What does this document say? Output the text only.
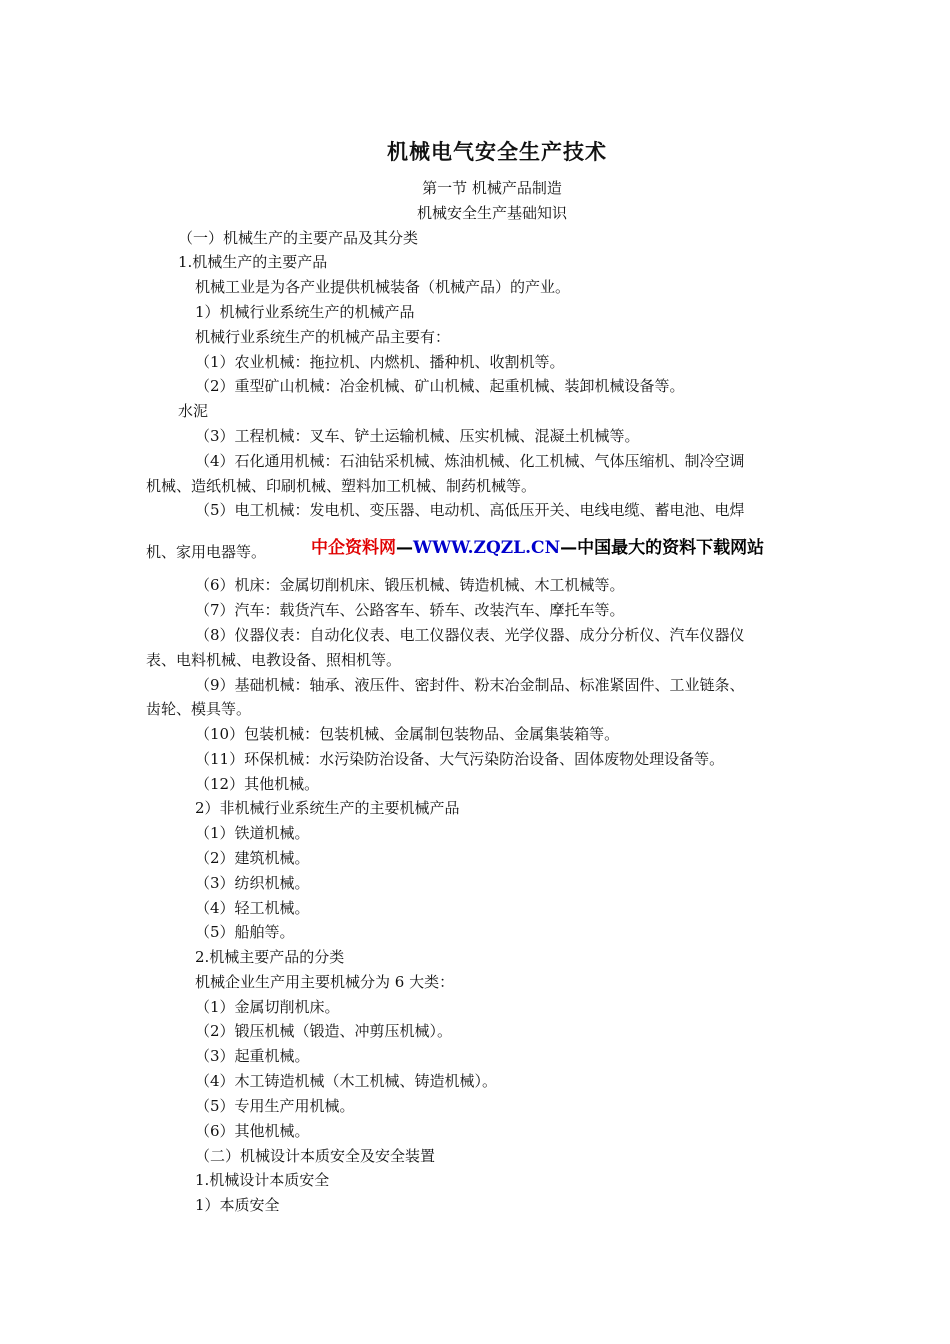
机械电气安全生产技术
第一节 机械产品制造
机械安全生产基础知识
（一）机械生产的主要产品及其分类
1.机械生产的主要产品
机械工业是为各产业提供机械装备（机械产品）的产业。
1）机械行业系统生产的机械产品
机械行业系统生产的机械产品主要有：
（1）农业机械：拖拉机、内燃机、播种机、收割机等。
（2）重型矿山机械：冶金机械、矿山机械、起重机械、装卸机械设备等。
水泥
（3）工程机械：叉车、铲土运输机械、压实机械、混凝土机械等。
（4）石化通用机械：石油钻采机械、炼油机械、化工机械、气体压缩机、制冷空调
机械、造纸机械、印刷机械、塑料加工机械、制药机械等。
（5）电工机械：发电机、变压器、电动机、高低压开关、电线电缆、蓄电池、电焊
机、家用电器等。	中企资料网—WWW.ZQZL.CN—中国最大的资料下载网站
（6）机床：金属切削机床、锻压机械、铸造机械、木工机械等。
（7）汽车：载货汽车、公路客车、轿车、改装汽车、摩托车等。
（8）仪器仪表：自动化仪表、电工仪器仪表、光学仪器、成分分析仪、汽车仪器仪
表、电料机械、电教设备、照相机等。
（9）基础机械：轴承、液压件、密封件、粉末冶金制品、标准紧固件、工业链条、
齿轮、模具等。
（10）包装机械：包装机械、金属制包装物品、金属集装箱等。
（11）环保机械：水污染防治设备、大气污染防治设备、固体废物处理设备等。
（12）其他机械。
2）非机械行业系统生产的主要机械产品
（1）铁道机械。
（2）建筑机械。
（3）纺织机械。
（4）轻工机械。
（5）船舶等。
2.机械主要产品的分类
机械企业生产用主要机械分为 6 大类：
（1）金属切削机床。
（2）锻压机械（锻造、冲剪压机械）。
（3）起重机械。
（4）木工铸造机械（木工机械、铸造机械）。
（5）专用生产用机械。
（6）其他机械。
（二）机械设计本质安全及安全装置
1.机械设计本质安全
1）本质安全
